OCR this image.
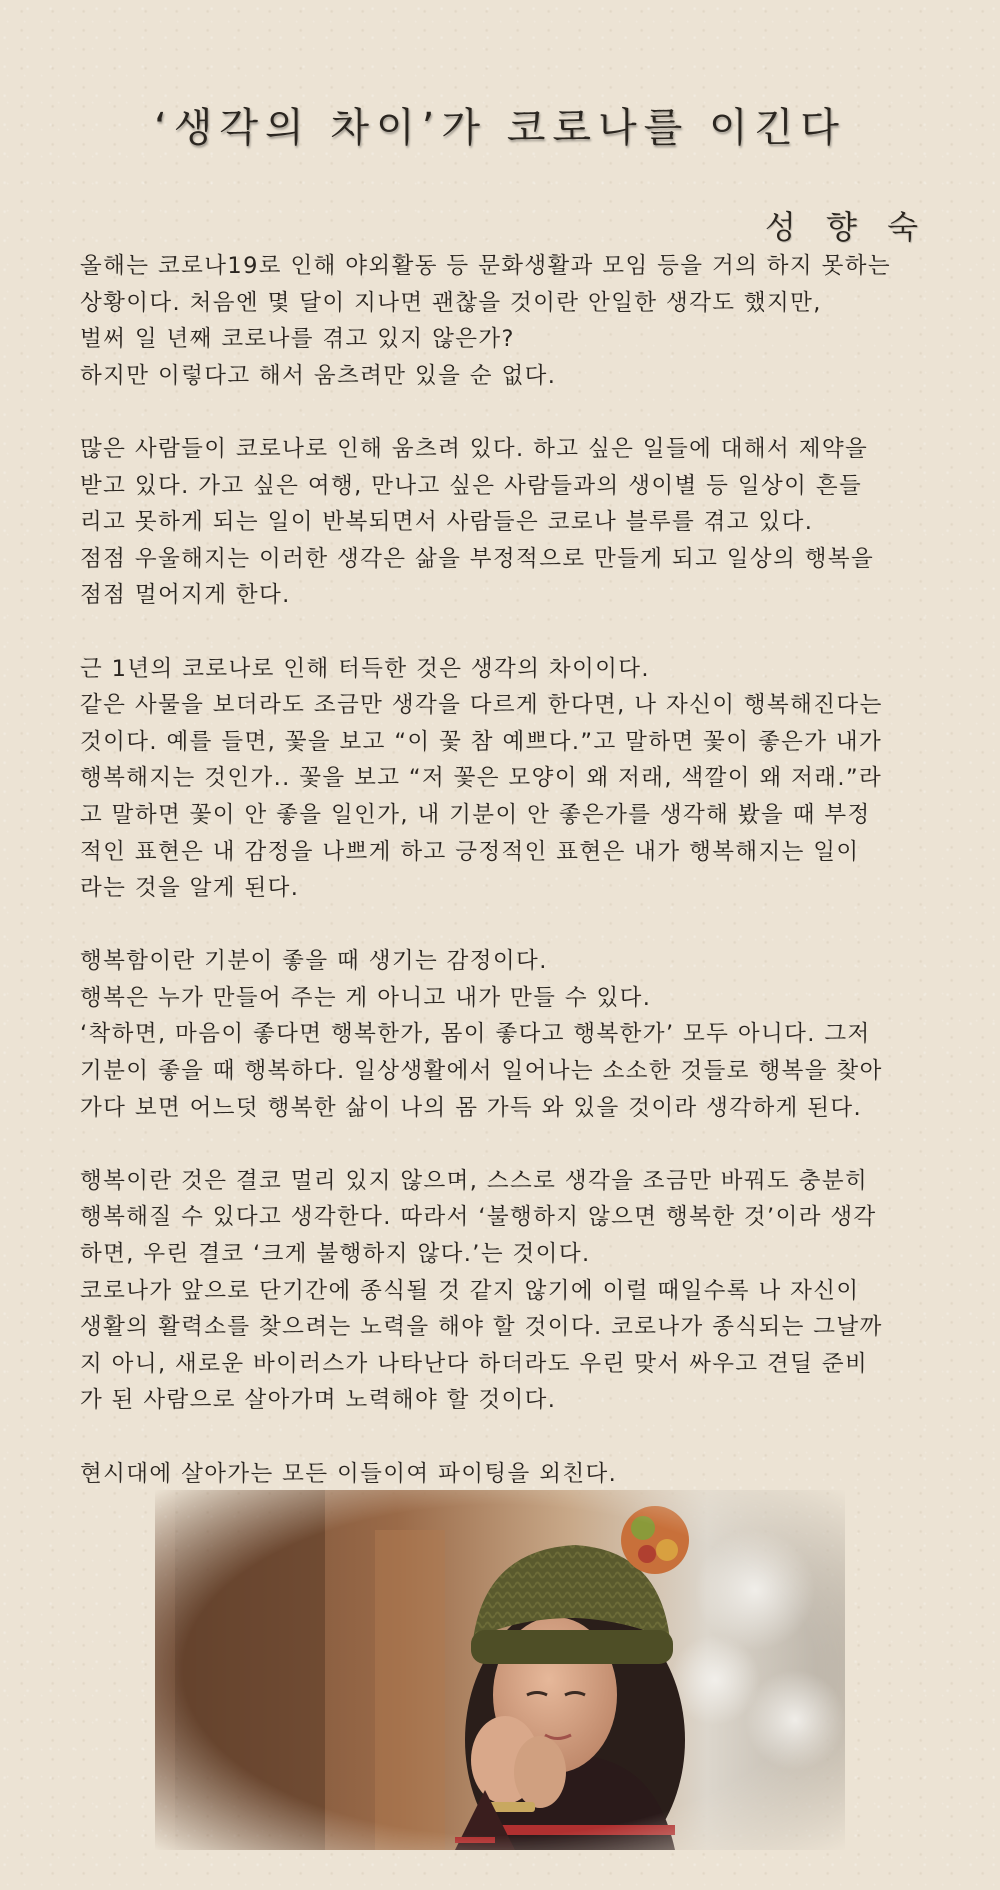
‘생각의 차이’가 코로나를 이긴다
성 향 숙

올해는 코로나19로 인해 야외활동 등 문화생활과 모임 등을 거의 하지 못하는
상황이다. 처음엔 몇 달이 지나면 괜찮을 것이란 안일한 생각도 했지만,
벌써 일 년째 코로나를 겪고 있지 않은가?
하지만 이렇다고 해서 움츠려만 있을 순 없다.

많은 사람들이 코로나로 인해 움츠려 있다. 하고 싶은 일들에 대해서 제약을
받고 있다. 가고 싶은 여행, 만나고 싶은 사람들과의 생이별 등 일상이 흔들
리고 못하게 되는 일이 반복되면서 사람들은 코로나 블루를 겪고 있다.
점점 우울해지는 이러한 생각은 삶을 부정적으로 만들게 되고 일상의 행복을
점점 멀어지게 한다.

근 1년의 코로나로 인해 터득한 것은 생각의 차이이다.
같은 사물을 보더라도 조금만 생각을 다르게 한다면, 나 자신이 행복해진다는
것이다. 예를 들면, 꽃을 보고 “이 꽃 참 예쁘다.”고 말하면 꽃이 좋은가 내가
행복해지는 것인가.. 꽃을 보고 “저 꽃은 모양이 왜 저래, 색깔이 왜 저래.”라
고 말하면 꽃이 안 좋을 일인가, 내 기분이 안 좋은가를 생각해 봤을 때 부정
적인 표현은 내 감정을 나쁘게 하고 긍정적인 표현은 내가 행복해지는 일이
라는 것을 알게 된다.

행복함이란 기분이 좋을 때 생기는 감정이다.
행복은 누가 만들어 주는 게 아니고 내가 만들 수 있다.
‘착하면, 마음이 좋다면 행복한가, 몸이 좋다고 행복한가’ 모두 아니다. 그저
기분이 좋을 때 행복하다. 일상생활에서 일어나는 소소한 것들로 행복을 찾아
가다 보면 어느덧 행복한 삶이 나의 몸 가득 와 있을 것이라 생각하게 된다.

행복이란 것은 결코 멀리 있지 않으며, 스스로 생각을 조금만 바꿔도 충분히
행복해질 수 있다고 생각한다. 따라서 ‘불행하지 않으면 행복한 것’이라 생각
하면, 우린 결코 ‘크게 불행하지 않다.’는 것이다.
코로나가 앞으로 단기간에 종식될 것 같지 않기에 이럴 때일수록 나 자신이
생활의 활력소를 찾으려는 노력을 해야 할 것이다. 코로나가 종식되는 그날까
지 아니, 새로운 바이러스가 나타난다 하더라도 우린 맞서 싸우고 견딜 준비
가 된 사람으로 살아가며 노력해야 할 것이다.

현시대에 살아가는 모든 이들이여 파이팅을 외친다.
